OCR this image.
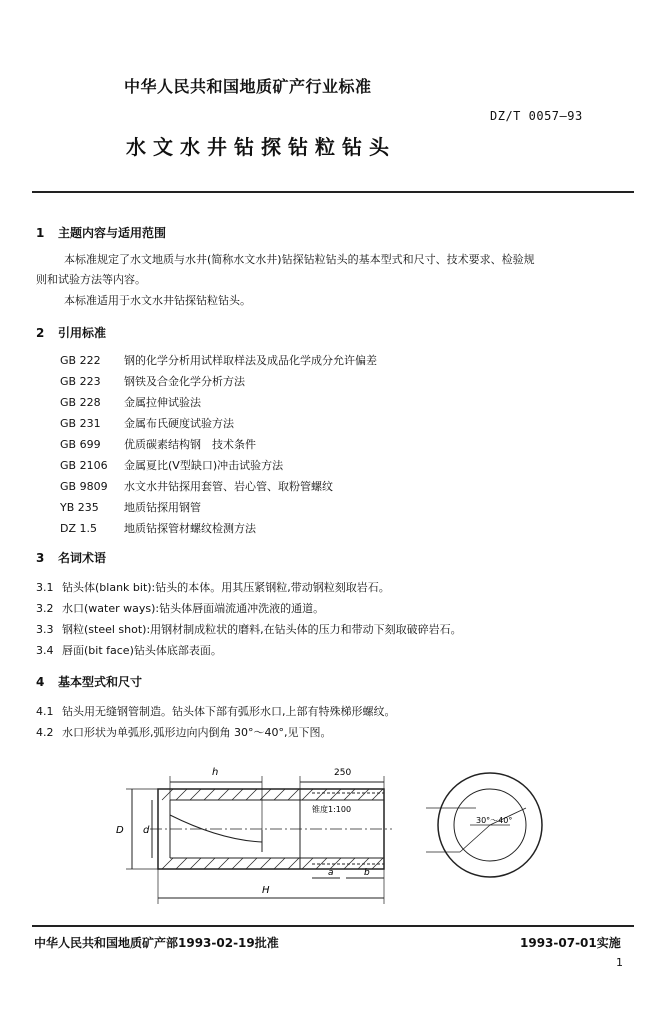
中华人民共和国地质矿产行业标准
DZ/T 0057—93
水文水井钻探钻粒钻头
1 主题内容与适用范围
本标准规定了水文地质与水井(简称水文水井)钻探钻粒钻头的基本型式和尺寸、技术要求、检验规
则和试验方法等内容。
本标准适用于水文水井钻探钻粒钻头。
2 引用标准
GB 222 钢的化学分析用试样取样法及成品化学成分允许偏差
GB 223 钢铁及合金化学分析方法
GB 228 金属拉伸试验法
GB 231 金属布氏硬度试验方法
GB 699 优质碳素结构钢　技术条件
GB 2106 金属夏比(V型缺口)冲击试验方法
GB 9809 水文水井钻探用套管、岩心管、取粉管螺纹
YB 235 地质钻探用钢管
DZ 1.5 地质钻探管材螺纹检测方法
3 名词术语
3.1 钻头体(blank bit):钻头的本体。用其压紧钢粒,带动钢粒刻取岩石。
3.2 水口(water ways):钻头体唇面端流通冲洗液的通道。
3.3 钢粒(steel shot):用钢材制成粒状的磨料,在钻头体的压力和带动下刻取破碎岩石。
3.4 唇面(bit face)钻头体底部表面。
4 基本型式和尺寸
4.1 钻头用无缝钢管制造。钻头体下部有弧形水口,上部有特殊梯形螺纹。
4.2 水口形状为单弧形,弧形边向内倒角 30°～40°,见下图。
h	250
锥度1:100
H
D d
a	b
30°～40°
中华人民共和国地质矿产部1993-02-19批准	1993-07-01实施
1
